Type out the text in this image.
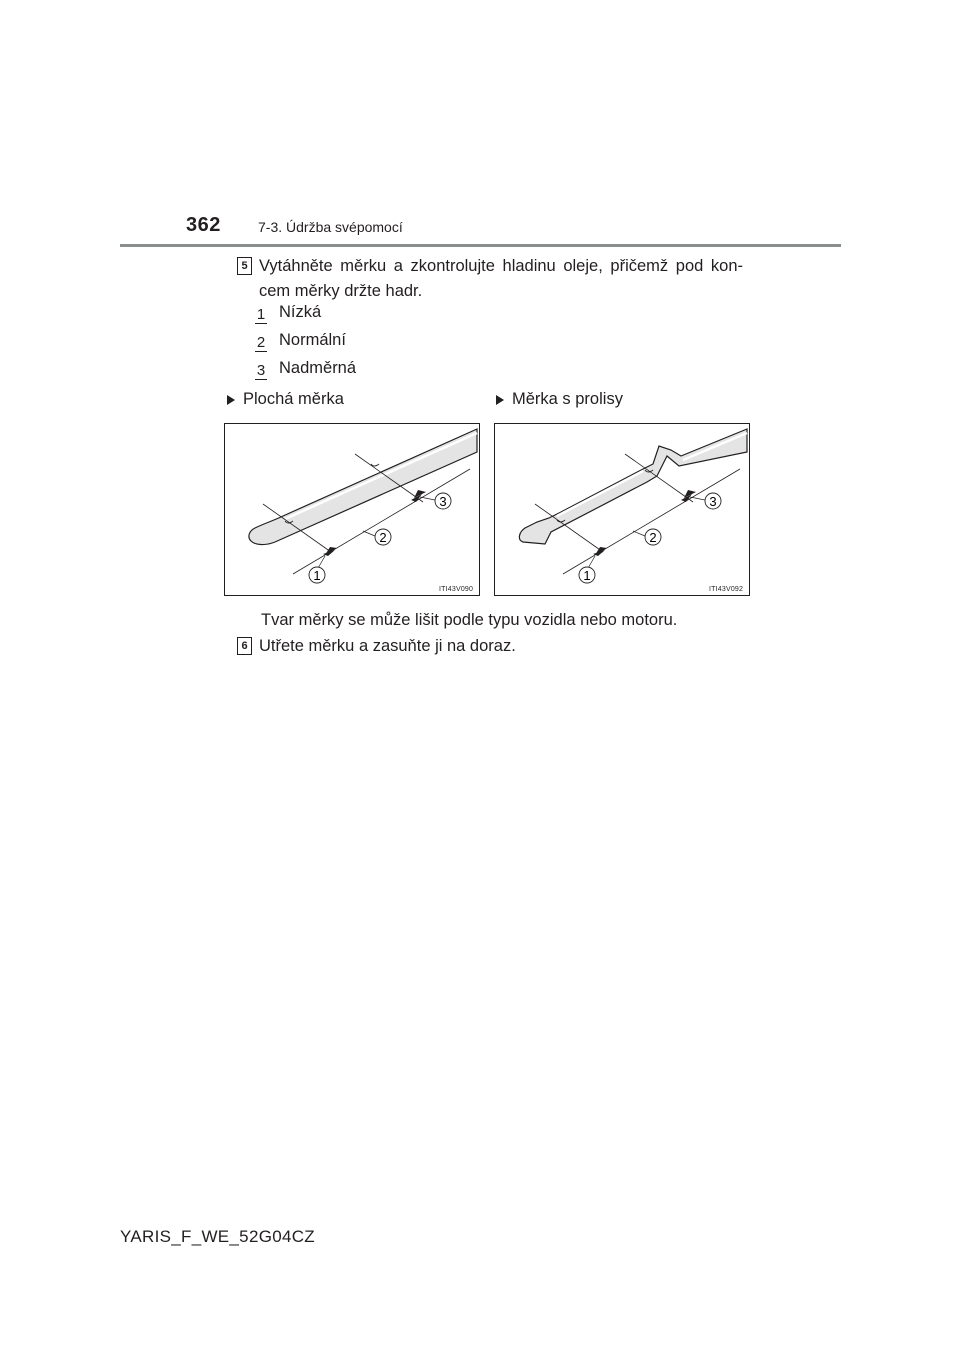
362	7-3. Údržba svépomocí
5 Vytáhněte měrku a zkontrolujte hladinu oleje, přičemž pod kon-
cem měrky držte hadr.
1 Nízká
2 Normální
3 Nadměrná
Plochá měrka	Měrka s prolisy
1
2
3
ITI43V090
1
2
3
ITI43V092
Tvar měrky se může lišit podle typu vozidla nebo motoru.
6 Utřete měrku a zasuňte ji na doraz.
YARIS_F_WE_52G04CZ
